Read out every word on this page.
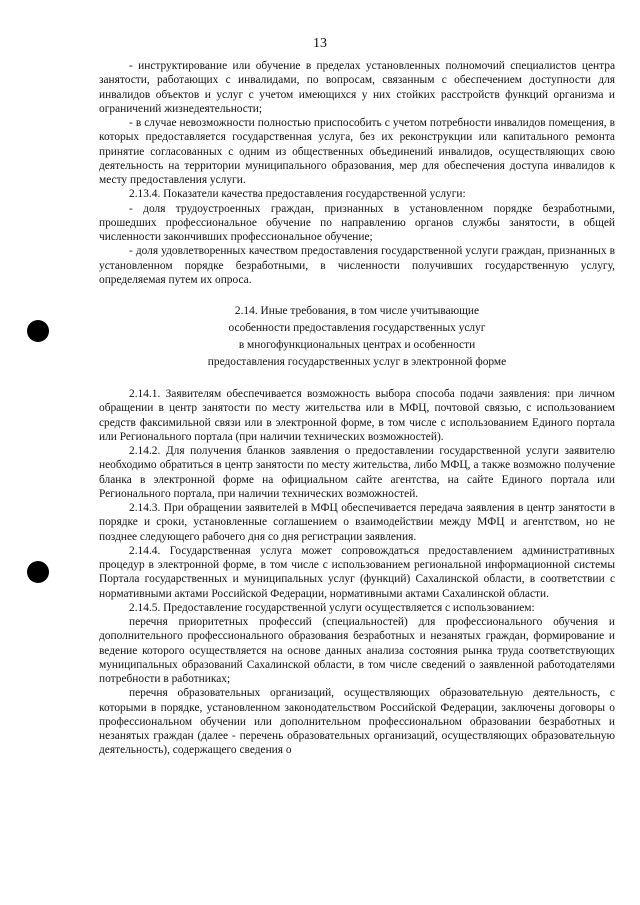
13

- инструктирование или обучение в пределах установленных полномочий специалистов центра занятости, работающих с инвалидами, по вопросам, связанным с обеспечением доступности для инвалидов объектов и услуг с учетом имеющихся у них стойких расстройств функций организма и ограничений жизнедеятельности;

- в случае невозможности полностью приспособить с учетом потребности инвалидов помещения, в которых предоставляется государственная услуга, без их реконструкции или капитального ремонта принятие согласованных с одним из общественных объединений инвалидов, осуществляющих свою деятельность на территории муниципального образования, мер для обеспечения доступа инвалидов к месту предоставления услуги.

2.13.4. Показатели качества предоставления государственной услуги:

- доля трудоустроенных граждан, признанных в установленном порядке безработными, прошедших профессиональное обучение по направлению органов службы занятости, в общей численности закончивших профессиональное обучение;

- доля удовлетворенных качеством предоставления государственной услуги граждан, признанных в установленном порядке безработными, в численности получивших государственную услугу, определяемая путем их опроса.

2.14. Иные требования, в том числе учитывающие
особенности предоставления государственных услуг
в многофункциональных центрах и особенности
предоставления государственных услуг в электронной форме

2.14.1. Заявителям обеспечивается возможность выбора способа подачи заявления: при личном обращении в центр занятости по месту жительства или в МФЦ, почтовой связью, с использованием средств факсимильной связи или в электронной форме, в том числе с использованием Единого портала или Регионального портала (при наличии технических возможностей).

2.14.2. Для получения бланков заявления о предоставлении государственной услуги заявителю необходимо обратиться в центр занятости по месту жительства, либо МФЦ, а также возможно получение бланка в электронной форме на официальном сайте агентства, на сайте Единого портала или Регионального портала, при наличии технических возможностей.

2.14.3. При обращении заявителей в МФЦ обеспечивается передача заявления в центр занятости в порядке и сроки, установленные соглашением о взаимодействии между МФЦ и агентством, но не позднее следующего рабочего дня со дня регистрации заявления.

2.14.4. Государственная услуга может сопровождаться предоставлением административных процедур в электронной форме, в том числе с использованием региональной информационной системы Портала государственных и муниципальных услуг (функций) Сахалинской области, в соответствии с нормативными актами Российской Федерации, нормативными актами Сахалинской области.

2.14.5. Предоставление государственной услуги осуществляется с использованием:

перечня приоритетных профессий (специальностей) для профессионального обучения и дополнительного профессионального образования безработных и незанятых граждан, формирование и ведение которого осуществляется на основе данных анализа состояния рынка труда соответствующих муниципальных образований Сахалинской области, в том числе сведений о заявленной работодателями потребности в работниках;

перечня образовательных организаций, осуществляющих образовательную деятельность, с которыми в порядке, установленном законодательством Российской Федерации, заключены договоры о профессиональном обучении или дополнительном профессиональном образовании безработных и незанятых граждан (далее - перечень образовательных организаций, осуществляющих образовательную деятельность), содержащего сведения о
